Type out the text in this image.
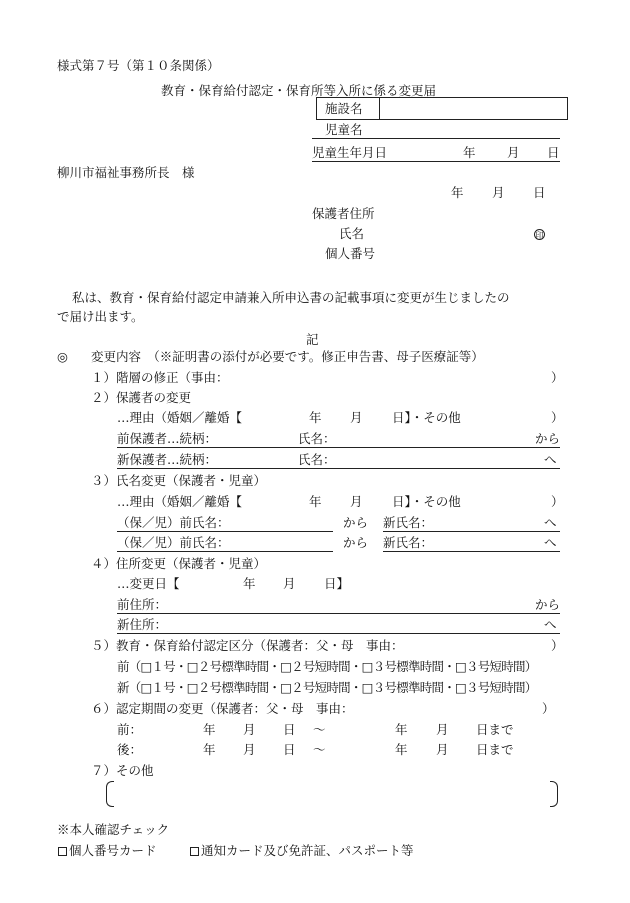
様式第７号（第１０条関係）
教育・保育給付認定・保育所等入所に係る変更届
施設名
児童名
児童生年月日	年	月 日
柳川市福祉事務所長　様
年 月 日
保護者住所
氏名	印
個人番号
私は、教育・保育給付認定申請兼入所申込書の記載事項に変更が生じましたの
で届け出ます。
記
◎ 変更内容　（※証明書の添付が必要です。修正申告書、母子医療証等）
１）階層の修正（事由：	）
２）保護者の変更
…理由（婚姻／離婚【	年 月 日】・その他	）
前保護者…続柄：	氏名：	から
新保護者…続柄：	氏名：	へ
３）氏名変更（保護者・児童）
…理由（婚姻／離婚【	年 月 日】・その他	）
（保／児）前氏名：	から 新氏名：	へ
（保／児）前氏名：	から 新氏名：	へ
４）住所変更（保護者・児童）
…変更日【	年 月 日】
前住所：	から
新住所：	へ
５）教育・保育給付認定区分（保護者：父・母　事由：	）
前（□１号・□２号標準時間・□２号短時間・□３号標準時間・□３号短時間）
新（□１号・□２号標準時間・□２号短時間・□３号標準時間・□３号短時間）
６）認定期間の変更（保護者：父・母　事由：	）
前：	年 月 日 ～	年 月 日まで
後：	年 月 日 ～	年 月 日まで
７）その他
※本人確認チェック
個人番号カード	通知カード及び免許証、パスポート等
